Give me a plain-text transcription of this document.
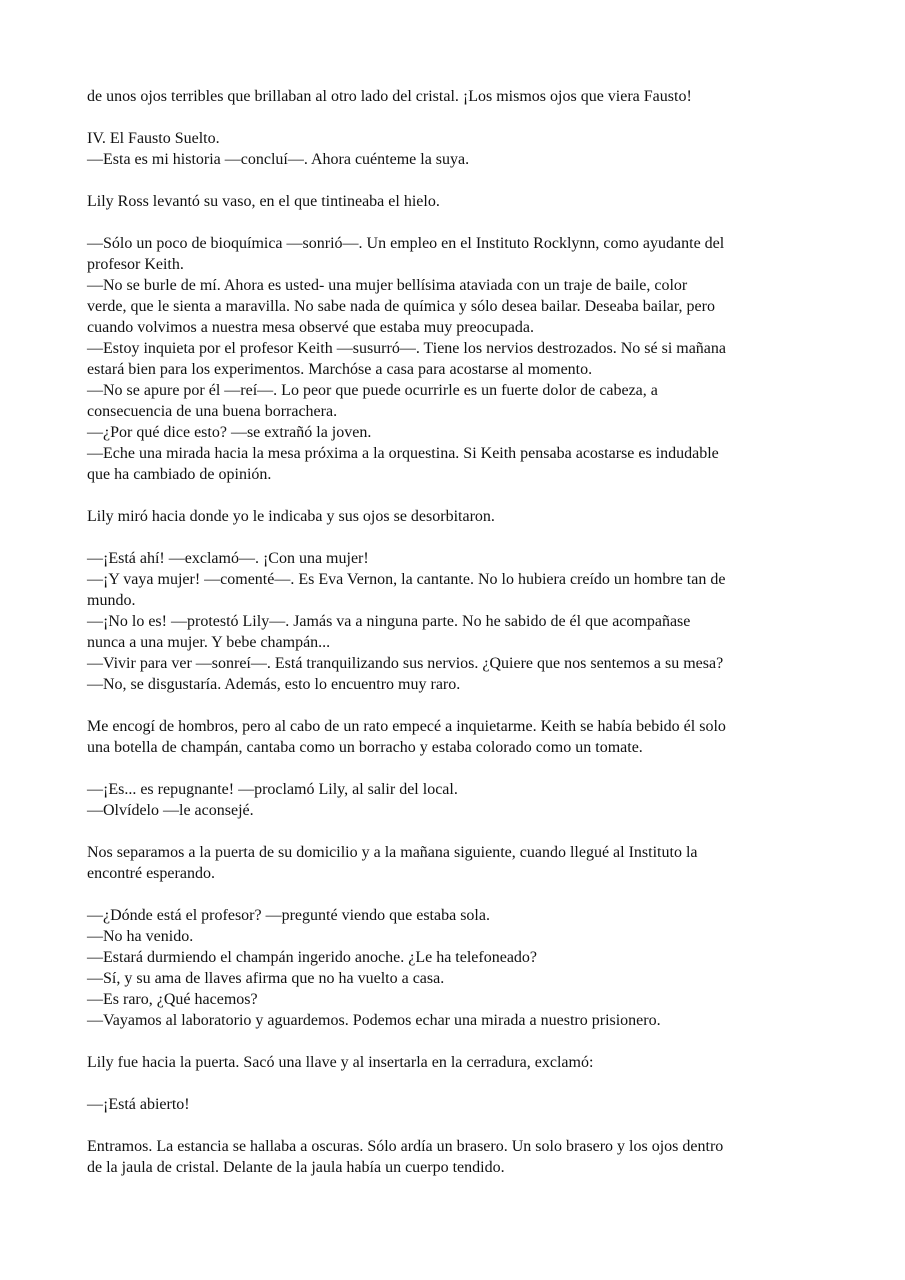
de unos ojos terribles que brillaban al otro lado del cristal. ¡Los mismos ojos que viera Fausto!
IV. El Fausto Suelto.
—Esta es mi historia —concluí—. Ahora cuénteme la suya.
Lily Ross levantó su vaso, en el que tintineaba el hielo.
—Sólo un poco de bioquímica —sonrió—. Un empleo en el Instituto Rocklynn, como ayudante del
profesor Keith.
—No se burle de mí. Ahora es usted- una mujer bellísima ataviada con un traje de baile, color
verde, que le sienta a maravilla. No sabe nada de química y sólo desea bailar. Deseaba bailar, pero
cuando volvimos a nuestra mesa observé que estaba muy preocupada.
—Estoy inquieta por el profesor Keith —susurró—. Tiene los nervios destrozados. No sé si mañana
estará bien para los experimentos. Marchóse a casa para acostarse al momento.
—No se apure por él —reí—. Lo peor que puede ocurrirle es un fuerte dolor de cabeza, a
consecuencia de una buena borrachera.
—¿Por qué dice esto? —se extrañó la joven.
—Eche una mirada hacia la mesa próxima a la orquestina. Si Keith pensaba acostarse es indudable
que ha cambiado de opinión.
Lily miró hacia donde yo le indicaba y sus ojos se desorbitaron.
—¡Está ahí! —exclamó—. ¡Con una mujer!
—¡Y vaya mujer! —comenté—. Es Eva Vernon, la cantante. No lo hubiera creído un hombre tan de
mundo.
—¡No lo es! —protestó Lily—. Jamás va a ninguna parte. No he sabido de él que acompañase
nunca a una mujer. Y bebe champán...
—Vivir para ver —sonreí—. Está tranquilizando sus nervios. ¿Quiere que nos sentemos a su mesa?
—No, se disgustaría. Además, esto lo encuentro muy raro.
Me encogí de hombros, pero al cabo de un rato empecé a inquietarme. Keith se había bebido él solo
una botella de champán, cantaba como un borracho y estaba colorado como un tomate.
—¡Es... es repugnante! —proclamó Lily, al salir del local.
—Olvídelo —le aconsejé.
Nos separamos a la puerta de su domicilio y a la mañana siguiente, cuando llegué al Instituto la
encontré esperando.
—¿Dónde está el profesor? —pregunté viendo que estaba sola.
—No ha venido.
—Estará durmiendo el champán ingerido anoche. ¿Le ha telefoneado?
—Sí, y su ama de llaves afirma que no ha vuelto a casa.
—Es raro, ¿Qué hacemos?
—Vayamos al laboratorio y aguardemos. Podemos echar una mirada a nuestro prisionero.
Lily fue hacia la puerta. Sacó una llave y al insertarla en la cerradura, exclamó:
—¡Está abierto!
Entramos. La estancia se hallaba a oscuras. Sólo ardía un brasero. Un solo brasero y los ojos dentro
de la jaula de cristal. Delante de la jaula había un cuerpo tendido.
